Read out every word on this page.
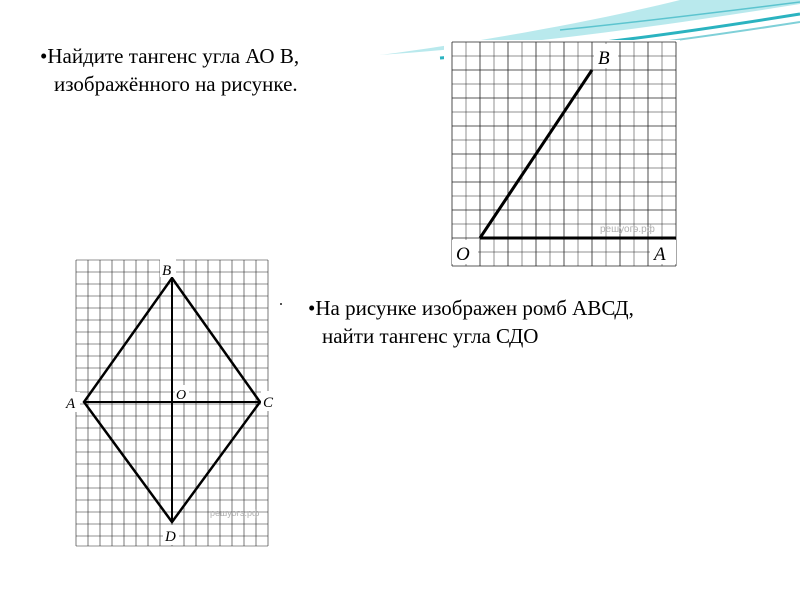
•Найдите тангенс угла АО В,
изображённого на рисунке.
B
O	A
решуогэ.рф
B
A	C
D
O
решуогэ.рф
•На рисунке изображен ромб АВСД,
найти тангенс угла СДО
